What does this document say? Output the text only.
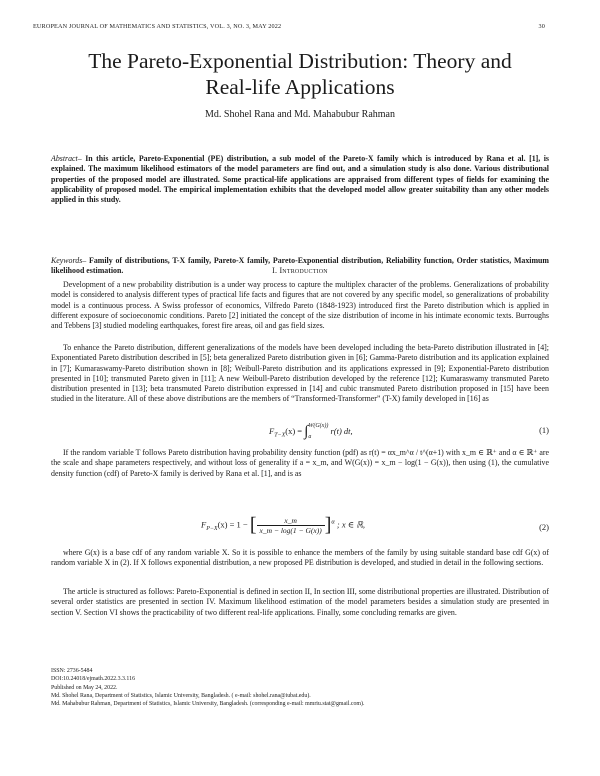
EUROPEAN JOURNAL OF MATHEMATICS AND STATISTICS, VOL. 3, NO. 3, MAY 2022	30
The Pareto-Exponential Distribution: Theory and
Real-life Applications
Md. Shohel Rana and Md. Mahabubur Rahman
Abstract– In this article, Pareto-Exponential (PE) distribution, a sub model of the Pareto-X family which is introduced by Rana et al. [1], is explained. The maximum likelihood estimators of the model parameters are find out, and a simulation study is also done. Various distributional properties of the proposed model are illustrated. Some practical-life applications are appraised from different types of fields for examining the applicability of proposed model. The empirical implementation exhibits that the developed model allow greater suitability than any other models applied in this study.
Keywords– Family of distributions, T-X family, Pareto-X family, Pareto-Exponential distribution, Reliability function, Order statistics, Maximum likelihood estimation.	I. Introduction

Development of a new probability distribution is a under way process to capture the multiplex character of the problems. Generalizations of probability model is considered to analysis different types of practical life facts and figures that are not covered by any specific model, so generalizations of probability model is a continuous process. A Swiss professor of economics, Vilfredo Pareto (1848-1923) introduced first the Pareto distribution which is applied in different exposure of socioeconomic conditions. Pareto [2] initiated the concept of the size distribution of income in his intimate economic texts. Burroughs and Tebbens [3] studied modeling earthquakes, forest fire areas, oil and gas field sizes.

To enhance the Pareto distribution, different generalizations of the models have been developed including the beta-Pareto distribution illustrated in [4]; Exponentiated Pareto distribution described in [5]; beta generalized Pareto distribution given in [6]; Gamma-Pareto distribution and its application explained in [7]; Kumaraswamy-Pareto distribution shown in [8]; Weibull-Pareto distribution and its applications expressed in [9]; Exponential-Pareto distribution presented in [10]; transmuted Pareto given in [11]; A new Weibull-Pareto distribution developed by the reference [12]; Kumaraswamy transmuted Pareto distribution presented in [13]; beta transmuted Pareto distribution expressed in [14] and cubic transmuted Pareto distribution proposed in [15] have been studied in the literature. All of these above distributions are the members of “Transformed-Transformer” (T-X) family developed in [16] as

$F_{T-X}(x)$ = ∫ W(G(x))
a
r(t) dt,	(1)

If the random variable T follows Pareto distribution having probability density function (pdf) as r(t) = αx_m^α / t^(α+1) with x_m ∈ ℝ⁺ and α ∈ ℝ⁺ are the scale and shape parameters respectively, and without loss of generality if a = x_m, and W(G(x)) = x_m − log(1 − G(x)), then using (1), the cumulative density function (cdf) of Pareto-X family is derived by Rana et al. [1], and is as

$F_{P-X}(x) = 1$ − [ $\frac{x\_m}{x\_m - \log(1 - G(x))} ]^\alpha$ ; x ∈ ℝ,	(2)

where G(x) is a base cdf of any random variable X. So it is possible to enhance the members of the family by using suitable standard base cdf G(x) of random variable X in (2). If X follows exponential distribution, a new proposed PE distribution is developed, and studied in detail in the following sections.

The article is structured as follows: Pareto-Exponential is defined in section II, In section III, some distributional properties are illustrated. Distribution of several order statistics are presented in section IV. Maximum likelihood estimation of the model parameters besides a simulation study are presented in section V. Section VI shows the practicability of two different real-life applications. Finally, some concluding remarks are given.

ISSN: 2736-5484
DOI:10.24018/ejmath.2022.3.3.116
Published on May 24, 2022.
Md. Shohel Rana, Department of Statistics, Islamic University, Bangladesh. ( e-mail: shohel.rana@iubat.edu).
Md. Mahabubur Rahman, Department of Statistics, Islamic University, Bangladesh. (corresponding e-mail: mmriu.stat@gmail.com).
